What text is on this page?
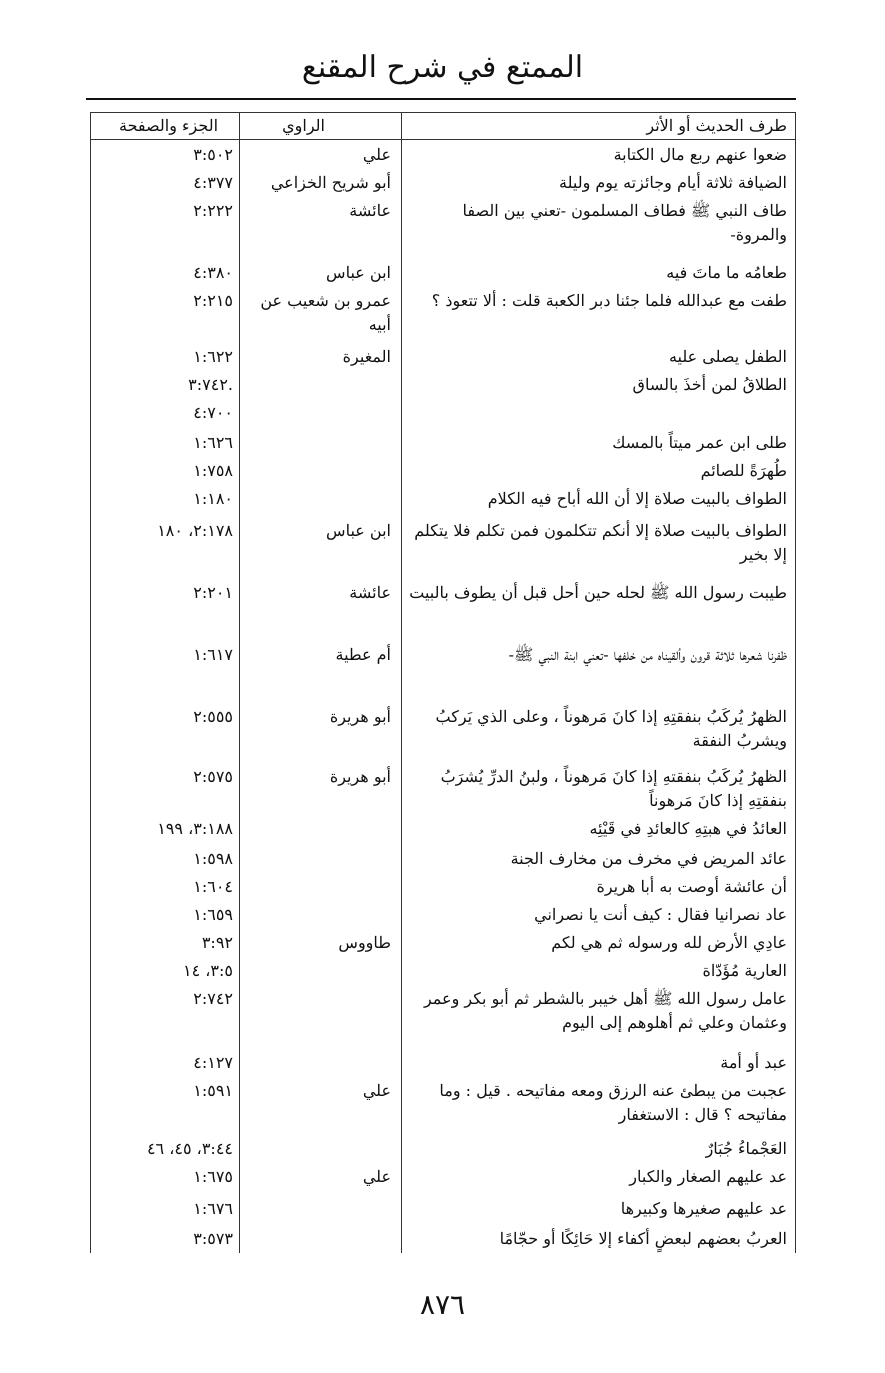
الممتع في شرح المقنع
طرف الحديث أو الأثر
الراوي
الجزء والصفحة
ضعوا عنهم ربع مال الكتابة
علي
٣:٥٠٢
الضيافة ثلاثة أيام وجائزته يوم وليلة
أبو شريح الخزاعي
٤:٣٧٧
طاف النبي ﷺ فطاف المسلمون -تعني بين الصفا والمروة-
عائشة
٢:٢٢٢
طعامُه ما ماتَ فيه
ابن عباس
٤:٣٨٠
طفت مع عبدالله فلما جئنا دبر الكعبة قلت : ألا تتعوذ ؟
عمرو بن شعيب عن أبيه
٢:٢١٥
الطفل يصلى عليه
المغيرة
١:٦٢٢
الطلاقُ لمن أخذَ بالساق
.٣:٧٤٢
٤:٧٠٠
طلى ابن عمر ميتاً بالمسك
١:٦٢٦
طُهرَةً للصائم
١:٧٥٨
الطواف بالبيت صلاة إلا أن الله أباح فيه الكلام
١:١٨٠
الطواف بالبيت صلاة إلا أنكم تتكلمون فمن تكلم فلا يتكلم إلا بخير
ابن عباس
٢:١٧٨، ١٨٠
طيبت رسول الله ﷺ لحله حين أحل قبل أن يطوف بالبيت
عائشة
٢:٢٠١
ظفرنا شعرها ثلاثة قرون وألقيناه من خلفها -تعني ابنة النبي ﷺ-
أم عطية
١:٦١٧
الظهرُ يُركَبُ بنفقتِهِ إذا كانَ مَرهوناً ، وعلى الذي يَركبُ ويشربُ النفقة
أبو هريرة
٢:٥٥٥
الظهرُ يُركَبُ بنفقتهِ إذا كانَ مَرهوناً ، ولبنُ الدرِّ يُشرَبُ بنفقتِهِ إذا كانَ مَرهوناً
أبو هريرة
٢:٥٧٥
العائدُ في هبتِهِ كالعائدِ في قَيْئِه
٣:١٨٨، ١٩٩
عائد المريض في مخرف من مخارف الجنة
١:٥٩٨
أن عائشة أوصت به أبا هريرة
١:٦٠٤
عاد نصرانيا فقال : كيف أنت يا نصراني
١:٦٥٩
عادِي الأرض لله ورسوله ثم هي لكم
طاووس
٣:٩٢
العارية مُؤَدّاة
٣:٥، ١٤
عامل رسول الله ﷺ أهل خيبر بالشطر ثم أبو بكر وعمر وعثمان وعلي ثم أهلوهم إلى اليوم
٢:٧٤٢
عبد أو أمة
٤:١٢٧
عجبت من يبطئ عنه الرزق ومعه مفاتيحه . قيل : وما مفاتيحه ؟ قال : الاستغفار
علي
١:٥٩١
العَجْماءُ جُبَارٌ
٣:٤٤، ٤٥، ٤٦
عد عليهم الصغار والكبار
علي
١:٦٧٥
عد عليهم صغيرها وكبيرها
١:٦٧٦
العربُ بعضهم لبعضٍ أكفاء إلا حَائِكًا أو حجّامًا
٣:٥٧٣
٨٧٦
